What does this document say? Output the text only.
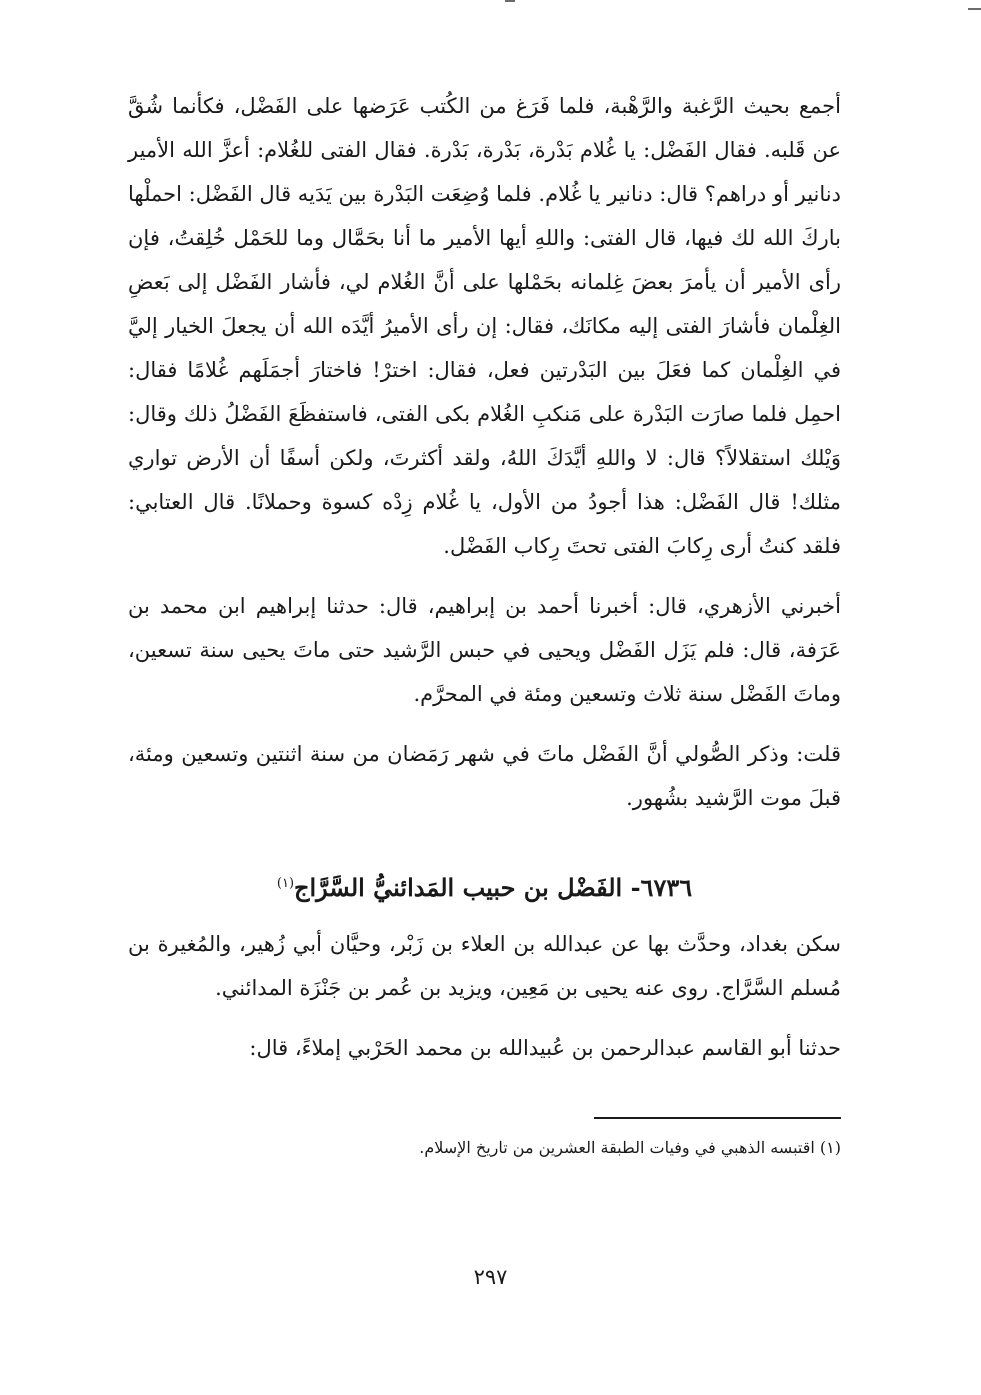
أجمع بحيث الرَّغبة والرَّهْبة، فلما فَرَغ من الكُتب عَرَضها على الفَضْل، فكأنما شُقَّ عن قَلبه. فقال الفَضْل: يا غُلام بَدْرة، بَدْرة، بَدْرة. فقال الفتى للغُلام: أعزَّ الله الأمير دنانير أو دراهم؟ قال: دنانير يا غُلام. فلما وُضِعَت البَدْرة بين يَدَيه قال الفَضْل: احملْها باركَ الله لك فيها، قال الفتى: واللهِ أيها الأمير ما أنا بحَمَّال وما للحَمْل خُلِقتُ، فإن رأى الأمير أن يأمرَ بعضَ غِلمانه بحَمْلها على أنَّ الغُلام لي، فأشار الفَضْل إلى بَعضِ الغِلْمان فأشارَ الفتى إليه مكانَك، فقال: إن رأى الأميرُ أيَّدَه الله أن يجعلَ الخيار إليَّ في الغِلْمان كما فعَلَ بين البَدْرتين فعل، فقال: اخترْ! فاختارَ أجمَلَهم غُلامًا فقال: احمِل فلما صارَت البَدْرة على مَنكبِ الغُلام بكى الفتى، فاستفظَعَ الفَضْلُ ذلك وقال: وَيْلك استقلالاً؟ قال: لا واللهِ أيَّدَكَ اللهُ، ولقد أكثرتَ، ولكن أسفًا أن الأرض تواري مثلك! قال الفَضْل: هذا أجودُ من الأول، يا غُلام زِدْه كسوة وحملانًا. قال العتابي: فلقد كنتُ أرى رِكابَ الفتى تحتَ رِكاب الفَضْل.

أخبرني الأزهري، قال: أخبرنا أحمد بن إبراهيم، قال: حدثنا إبراهيم ابن محمد بن عَرَفة، قال: فلم يَزَل الفَضْل ويحيى في حبس الرَّشيد حتى ماتَ يحيى سنة تسعين، وماتَ الفَضْل سنة ثلاث وتسعين ومئة في المحرَّم.

قلت: وذكر الصُّولي أنَّ الفَضْل ماتَ في شهر رَمَضان من سنة اثنتين وتسعين ومئة، قبلَ موت الرَّشيد بشُهور.

٦٧٣٦- الفَضْل بن حبيب المَدائنيُّ السَّرَّاج$^{(١)}$

سكن بغداد، وحدَّث بها عن عبدالله بن العلاء بن زَبْر، وحيَّان أبي زُهير، والمُغيرة بن مُسلم السَّرَّاج. روى عنه يحيى بن مَعِين، ويزيد بن عُمر بن جَنْزَة المدائني.

حدثنا أبو القاسم عبدالرحمن بن عُبيدالله بن محمد الحَرْبي إملاءً، قال:

(١) اقتبسه الذهبي في وفيات الطبقة العشرين من تاريخ الإسلام.

٢٩٧
